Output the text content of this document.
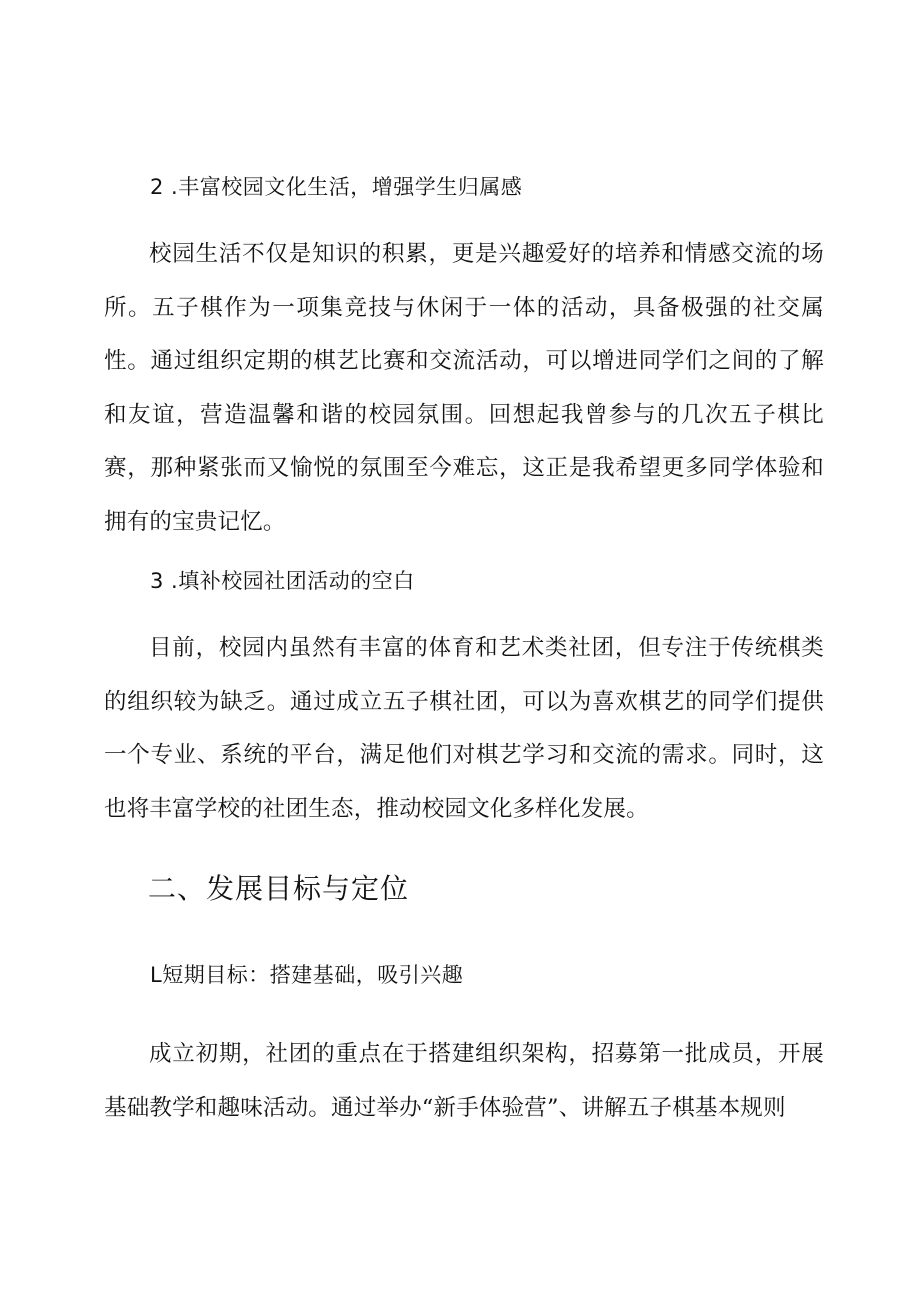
2 .丰富校园文化生活，增强学生归属感
校园生活不仅是知识的积累，更是兴趣爱好的培养和情感交流的场所。五子棋作为一项集竞技与休闲于一体的活动，具备极强的社交属性。通过组织定期的棋艺比赛和交流活动，可以增进同学们之间的了解和友谊，营造温馨和谐的校园氛围。回想起我曾参与的几次五子棋比赛，那种紧张而又愉悦的氛围至今难忘，这正是我希望更多同学体验和拥有的宝贵记忆。
3 .填补校园社团活动的空白
目前，校园内虽然有丰富的体育和艺术类社团，但专注于传统棋类的组织较为缺乏。通过成立五子棋社团，可以为喜欢棋艺的同学们提供一个专业、系统的平台，满足他们对棋艺学习和交流的需求。同时，这也将丰富学校的社团生态，推动校园文化多样化发展。
二、发展目标与定位
L短期目标：搭建基础，吸引兴趣
成立初期，社团的重点在于搭建组织架构，招募第一批成员，开展基础教学和趣味活动。通过举办“新手体验营”、讲解五子棋基本规则
